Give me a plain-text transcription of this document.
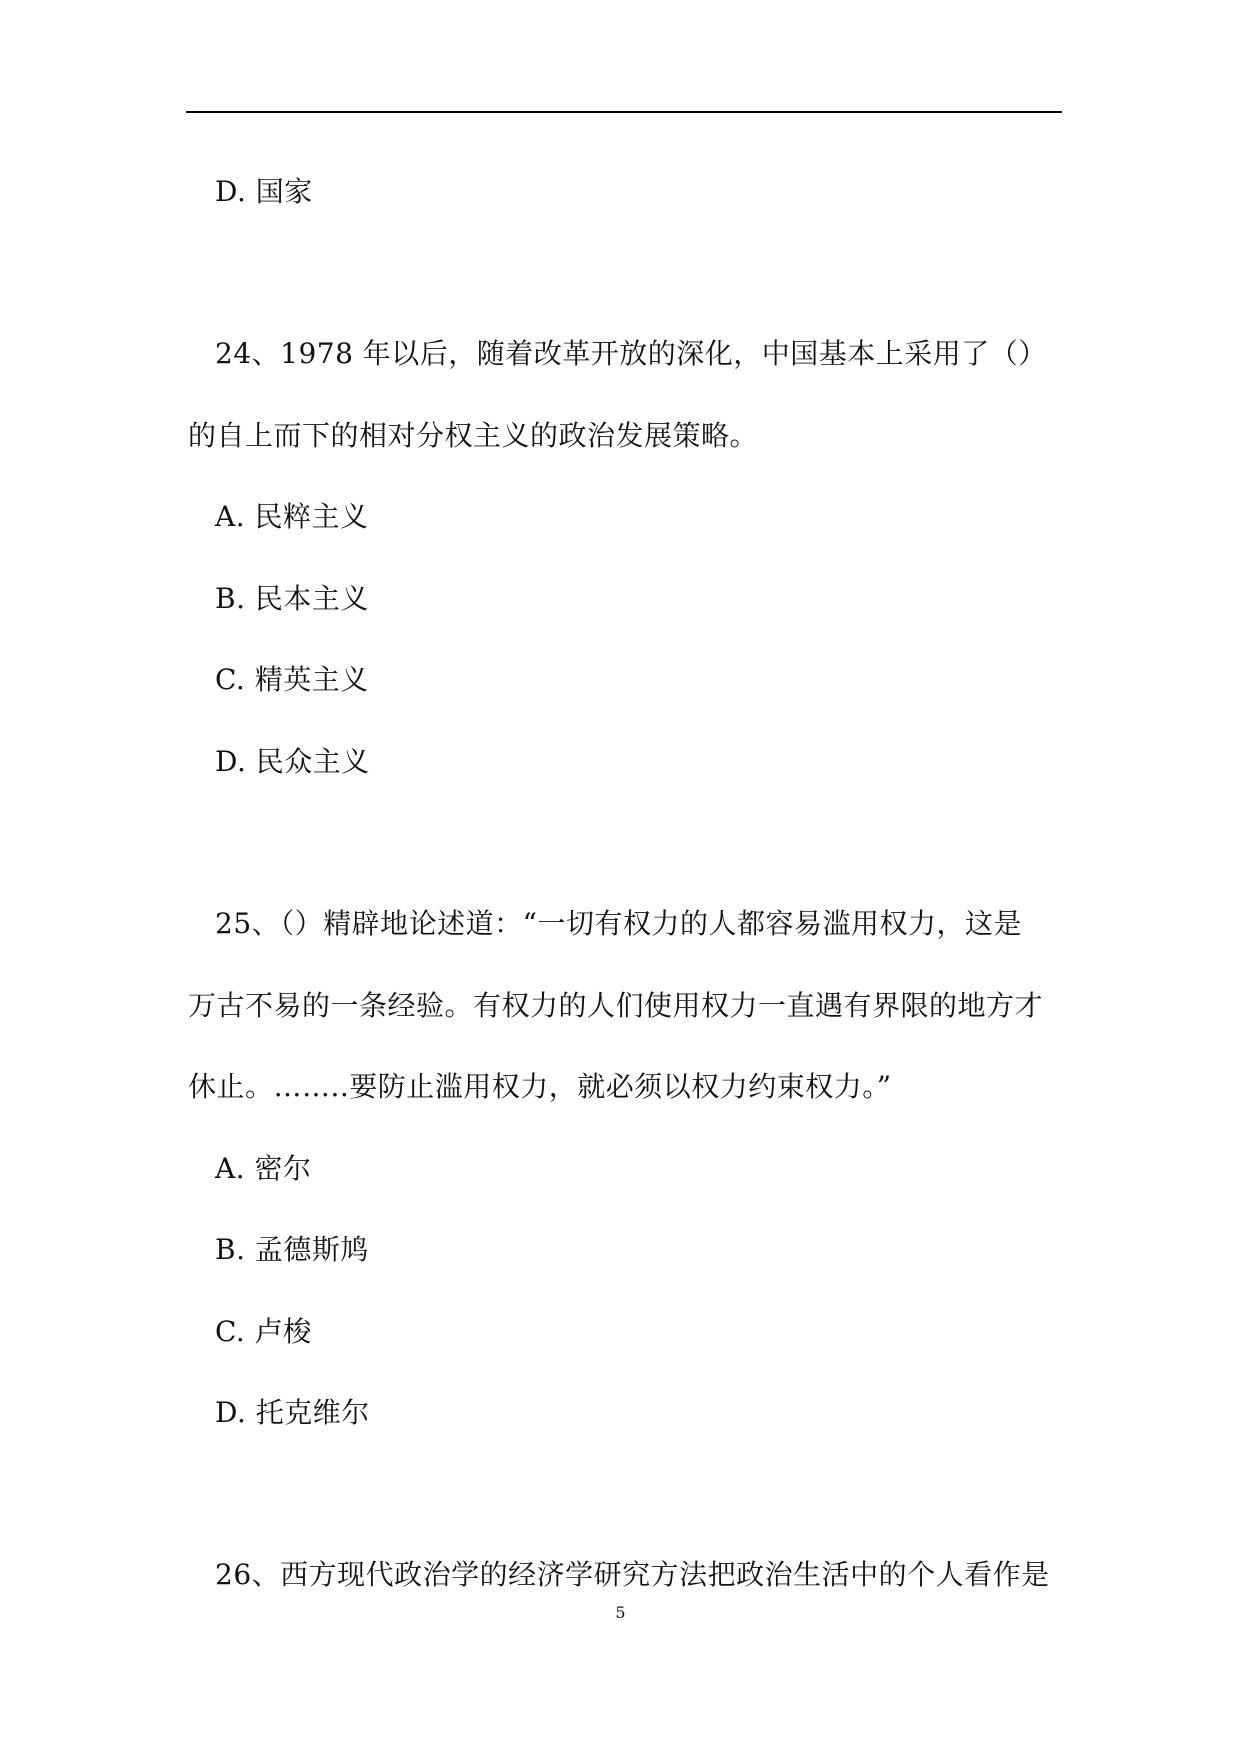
D. 国家
24、1978 年以后，随着改革开放的深化，中国基本上采用了（）
的自上而下的相对分权主义的政治发展策略。
A. 民粹主义
B. 民本主义
C. 精英主义
D. 民众主义
25、（）精辟地论述道：“一切有权力的人都容易滥用权力，这是
万古不易的一条经验。有权力的人们使用权力一直遇有界限的地方才
休止。……..要防止滥用权力，就必须以权力约束权力。”
A. 密尔
B. 孟德斯鸠
C. 卢梭
D. 托克维尔
26、西方现代政治学的经济学研究方法把政治生活中的个人看作是
5
